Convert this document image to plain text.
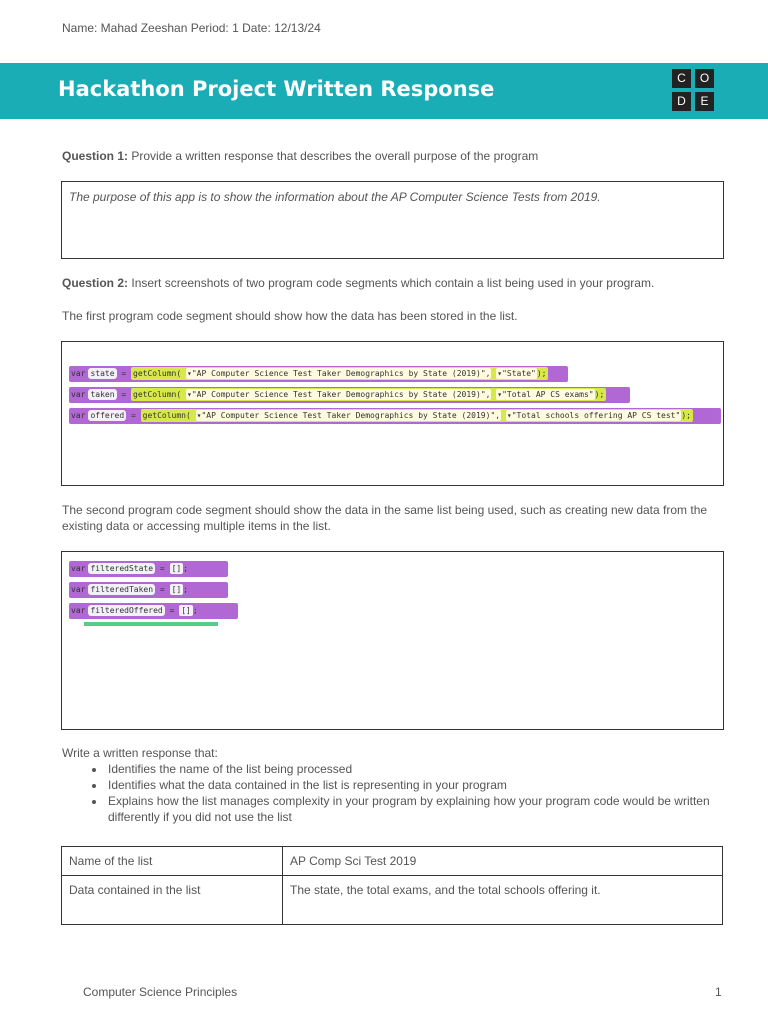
Name: Mahad Zeeshan Period: 1 Date: 12/13/24
Hackathon Project Written Response	C	O
D	E
Question 1: Provide a written response that describes the overall purpose of the program
The purpose of this app is to show the information about the AP Computer Science Tests from 2019.
Question 2: Insert screenshots of two program code segments which contain a list being used in your program.
The first program code segment should show how the data has been stored in the list.
var state = getColumn( ▾"AP Computer Science Test Taker Demographics by State (2019)", ▾"State");
var taken = getColumn( ▾"AP Computer Science Test Taker Demographics by State (2019)", ▾"Total AP CS exams");
var offered = getColumn( ▾"AP Computer Science Test Taker Demographics by State (2019)", ▾"Total schools offering AP CS test");
The second program code segment should show the data in the same list being used, such as creating new data from the existing data or accessing multiple items in the list.
var filteredState = [] ;
var filteredTaken = [] ;
var filteredOffered = [] ;
Write a written response that:
• Identifies the name of the list being processed
• Identifies what the data contained in the list is representing in your program
• Explains how the list manages complexity in your program by explaining how your program code would be written differently if you did not use the list
Name of the list	AP Comp Sci Test 2019
Data contained in the list	The state, the total exams, and the total schools offering it.
Computer Science Principles	1
